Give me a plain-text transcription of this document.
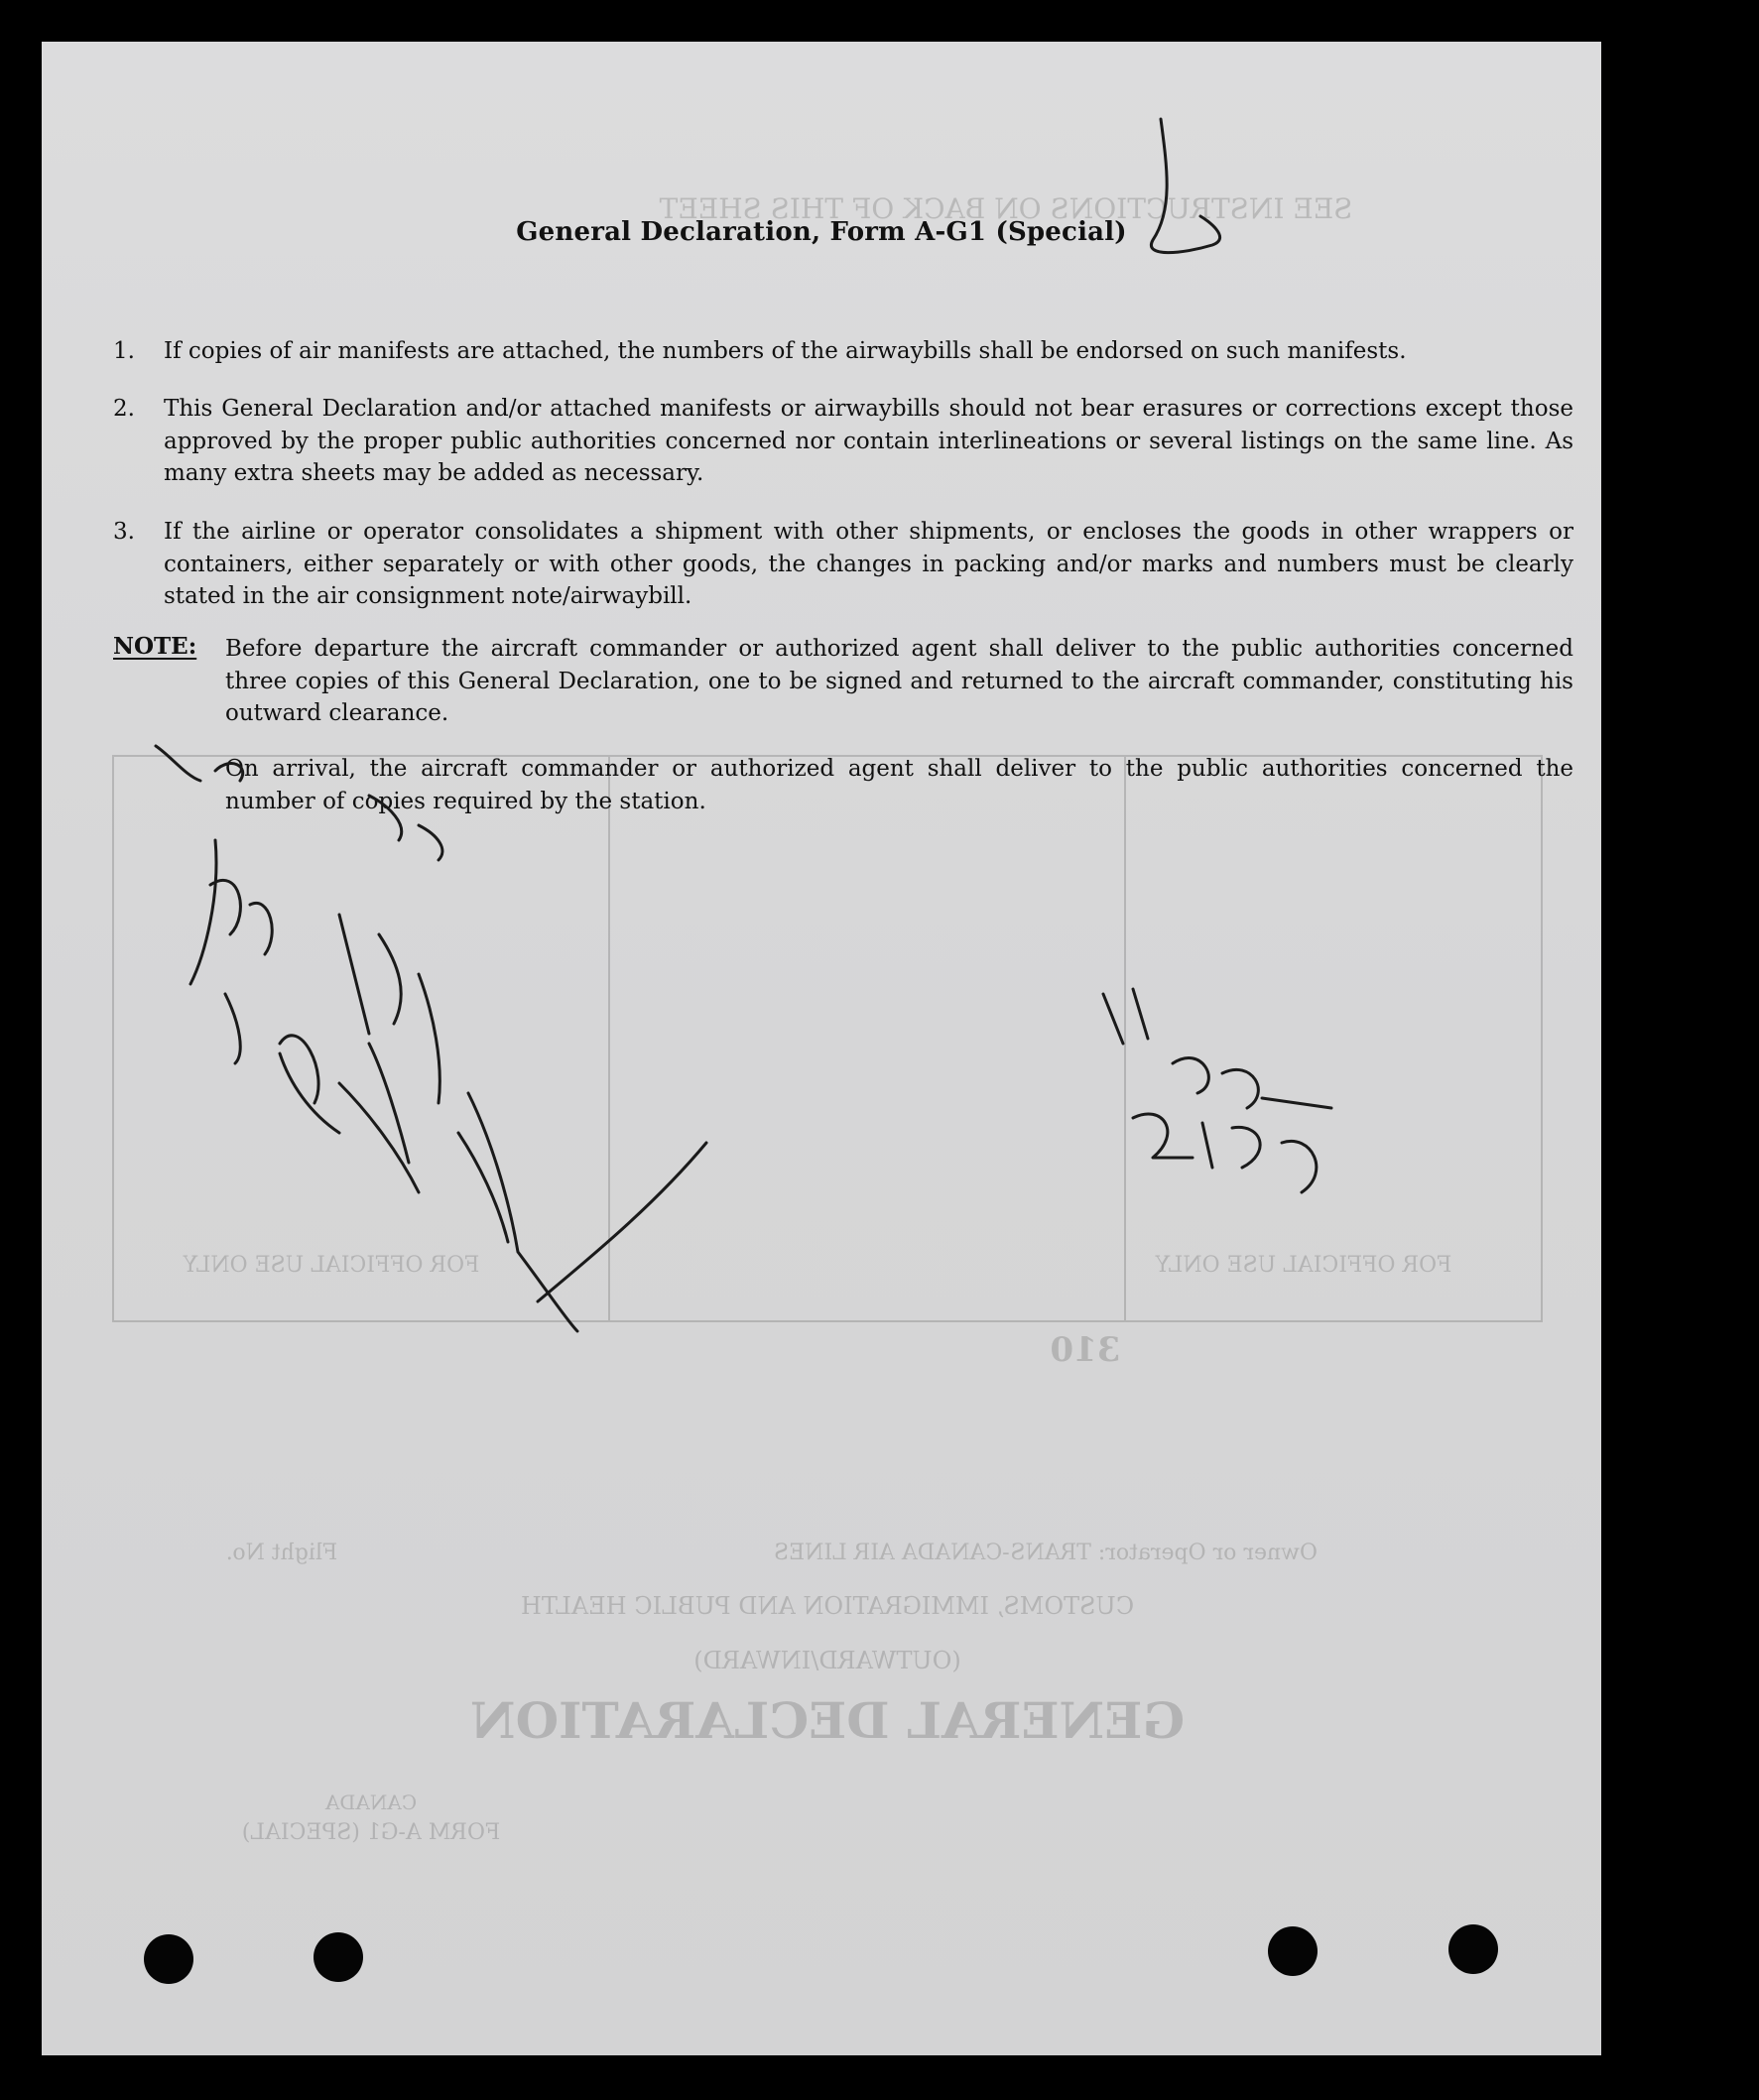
SEE INSTRUCTIONS ON BACK OF THIS SHEET
GENERAL DECLARATION
(OUTWARD/INWARD)
CUSTOMS, IMMIGRATION AND PUBLIC HEALTH
Owner or Operator: TRANS-CANADA AIR LINES
Flight No.
FORM A-G1 (SPECIAL)
CANADA
FOR OFFICIAL USE ONLY	FOR OFFICIAL USE ONLY
310
General Declaration, Form A-G1 (Special)
1.	If copies of air manifests are attached, the numbers of the airwaybills shall be endorsed on such manifests.
2.	This General Declaration and/or attached manifests or airwaybills should not bear erasures or corrections except those approved by the proper public authorities concerned nor contain interlineations or several listings on the same line. As many extra sheets may be added as necessary.
3.	If the airline or operator consolidates a shipment with other shipments, or encloses the goods in other wrappers or containers, either separately or with other goods, the changes in packing and/or marks and numbers must be clearly stated in the air consignment note/airwaybill.
NOTE: Before departure the aircraft commander or authorized agent shall deliver to the public authorities concerned three copies of this General Declaration, one to be signed and returned to the aircraft commander, constituting his outward clearance.
On arrival, the aircraft commander or authorized agent shall deliver to the public authorities concerned the number of copies required by the station.
